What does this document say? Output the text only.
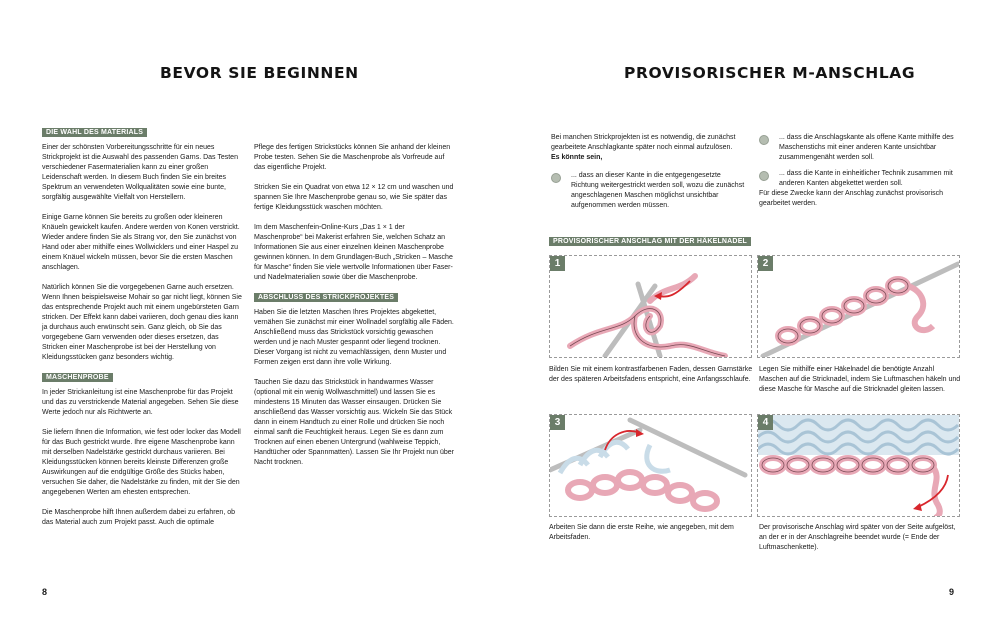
BEVOR SIE BEGINNEN
DIE WAHL DES MATERIALS

Einer der schönsten Vorbereitungsschritte für ein neues Strickprojekt ist die Auswahl des passenden Garns. Das Testen verschiedener Fasermaterialien kann zu einer großen Leidenschaft werden. In diesem Buch finden Sie ein breites Spektrum an verwendeten Wollqualitäten sowie eine bunte, sorgfältig ausgewählte Vielfalt von Herstellern.

Einige Garne können Sie bereits zu großen oder kleineren Knäueln gewickelt kaufen. Andere werden von Konen verstrickt. Wieder andere finden Sie als Strang vor, den Sie zunächst von Hand oder aber mithilfe eines Wollwicklers und einer Haspel zu einem Knäuel wickeln müssen, bevor Sie die ersten Maschen anschlagen.

Natürlich können Sie die vorgegebenen Garne auch ersetzen. Wenn Ihnen beispielsweise Mohair so gar nicht liegt, können Sie das entsprechende Projekt auch mit einem ungebürsteten Garn stricken. Der Effekt kann dabei variieren, doch genau dies kann ja durchaus auch erwünscht sein. Ganz gleich, ob Sie das vorgegebene Garn verwenden oder dieses ersetzen, das Stricken einer Maschenprobe ist bei der Herstellung von Kleidungsstücken ganz besonders wichtig.

MASCHENPROBE

In jeder Strickanleitung ist eine Maschenprobe für das Projekt und das zu verstrickende Material angegeben. Sehen Sie diese Werte jedoch nur als Richtwerte an.

Sie liefern Ihnen die Information, wie fest oder locker das Modell für das Buch gestrickt wurde. Ihre eigene Maschenprobe kann mit derselben Nadelstärke gestrickt durchaus variieren. Bei Kleidungsstücken können bereits kleinste Differenzen große Auswirkungen auf die endgültige Größe des Stücks haben, versuchen Sie daher, die Nadelstärke zu finden, mit der Sie den angegebenen Werten am ehesten entsprechen.

Die Maschenprobe hilft Ihnen außerdem dabei zu erfahren, ob das Material auch zum Projekt passt. Auch die optimale

Pflege des fertigen Strickstücks können Sie anhand der kleinen Probe testen. Sehen Sie die Maschenprobe als Vorfreude auf das eigentliche Projekt.

Stricken Sie ein Quadrat von etwa 12 × 12 cm und waschen und spannen Sie Ihre Maschenprobe genau so, wie Sie später das fertige Kleidungsstück waschen möchten.

Im dem Maschenfein-Online-Kurs „Das 1 × 1 der Maschenprobe“ bei Makerist erfahren Sie, welchen Schatz an Informationen Sie aus einer einzelnen kleinen Maschenprobe gewinnen können. In dem Grundlagen-Buch „Stricken – Masche für Masche“ finden Sie viele wertvolle Informationen über Faser- und Nadelmaterialien sowie über die Maschenprobe.

ABSCHLUSS DES STRICKPROJEKTES

Haben Sie die letzten Maschen Ihres Projektes abgekettet, vernähen Sie zunächst mir einer Wollnadel sorgfältig alle Fäden. Anschließend muss das Strickstück vorsichtig gewaschen werden und je nach Muster gespannt oder liegend trocknen. Dieser Vorgang ist nicht zu vernachlässigen, denn Muster und Formen zeigen erst dann ihre volle Wirkung.

Tauchen Sie dazu das Strickstück in handwarmes Wasser (optional mit ein wenig Wollwaschmittel) und lassen Sie es mindestens 15 Minuten das Wasser einsaugen. Drücken Sie anschließend das Wasser vorsichtig aus. Wickeln Sie das Stück dann in einem Handtuch zu einer Rolle und drücken Sie noch einmal sanft die Feuchtigkeit heraus. Legen Sie es dann zum Trocknen auf einen ebenen Untergrund (wahlweise Teppich, Handtücher oder Spannmatten). Lassen Sie Ihr Projekt nun über Nacht trocknen.

8
PROVISORISCHER M-ANSCHLAG
Bei manchen Strickprojekten ist es notwendig, die zunächst gearbeitete Anschlagkante später noch einmal aufzulösen.
Es könnte sein,
... dass an dieser Kante in die entgegengesetzte Richtung weitergestrickt werden soll, wozu die zunächst angeschlagenen Maschen möglichst unsichtbar aufgenommen werden müssen.
... dass die Anschlagskante als offene Kante mithilfe des Maschenstichs mit einer anderen Kante unsichtbar zusammengenäht werden soll.
... dass die Kante in einheitlicher Technik zusammen mit anderen Kanten abgekettet werden soll.
Für diese Zwecke kann der Anschlag zunächst provisorisch gearbeitet werden.
PROVISORISCHER ANSCHLAG MIT DER HÄKELNADEL
1
Bilden Sie mit einem kontrastfarbenen Faden, dessen Garnstärke der des späteren Arbeitsfadens entspricht, eine Anfangsschlaufe.
2
Legen Sie mithilfe einer Häkelnadel die benötigte Anzahl Maschen auf die Stricknadel, indem Sie Luftmaschen häkeln und diese Masche für Masche auf die Stricknadel gleiten lassen.
3
Arbeiten Sie dann die erste Reihe, wie angegeben, mit dem Arbeitsfaden.
4
Der provisorische Anschlag wird später von der Seite aufgelöst, an der er in der Anschlagreihe beendet wurde (= Ende der Luftmaschenkette).
9
